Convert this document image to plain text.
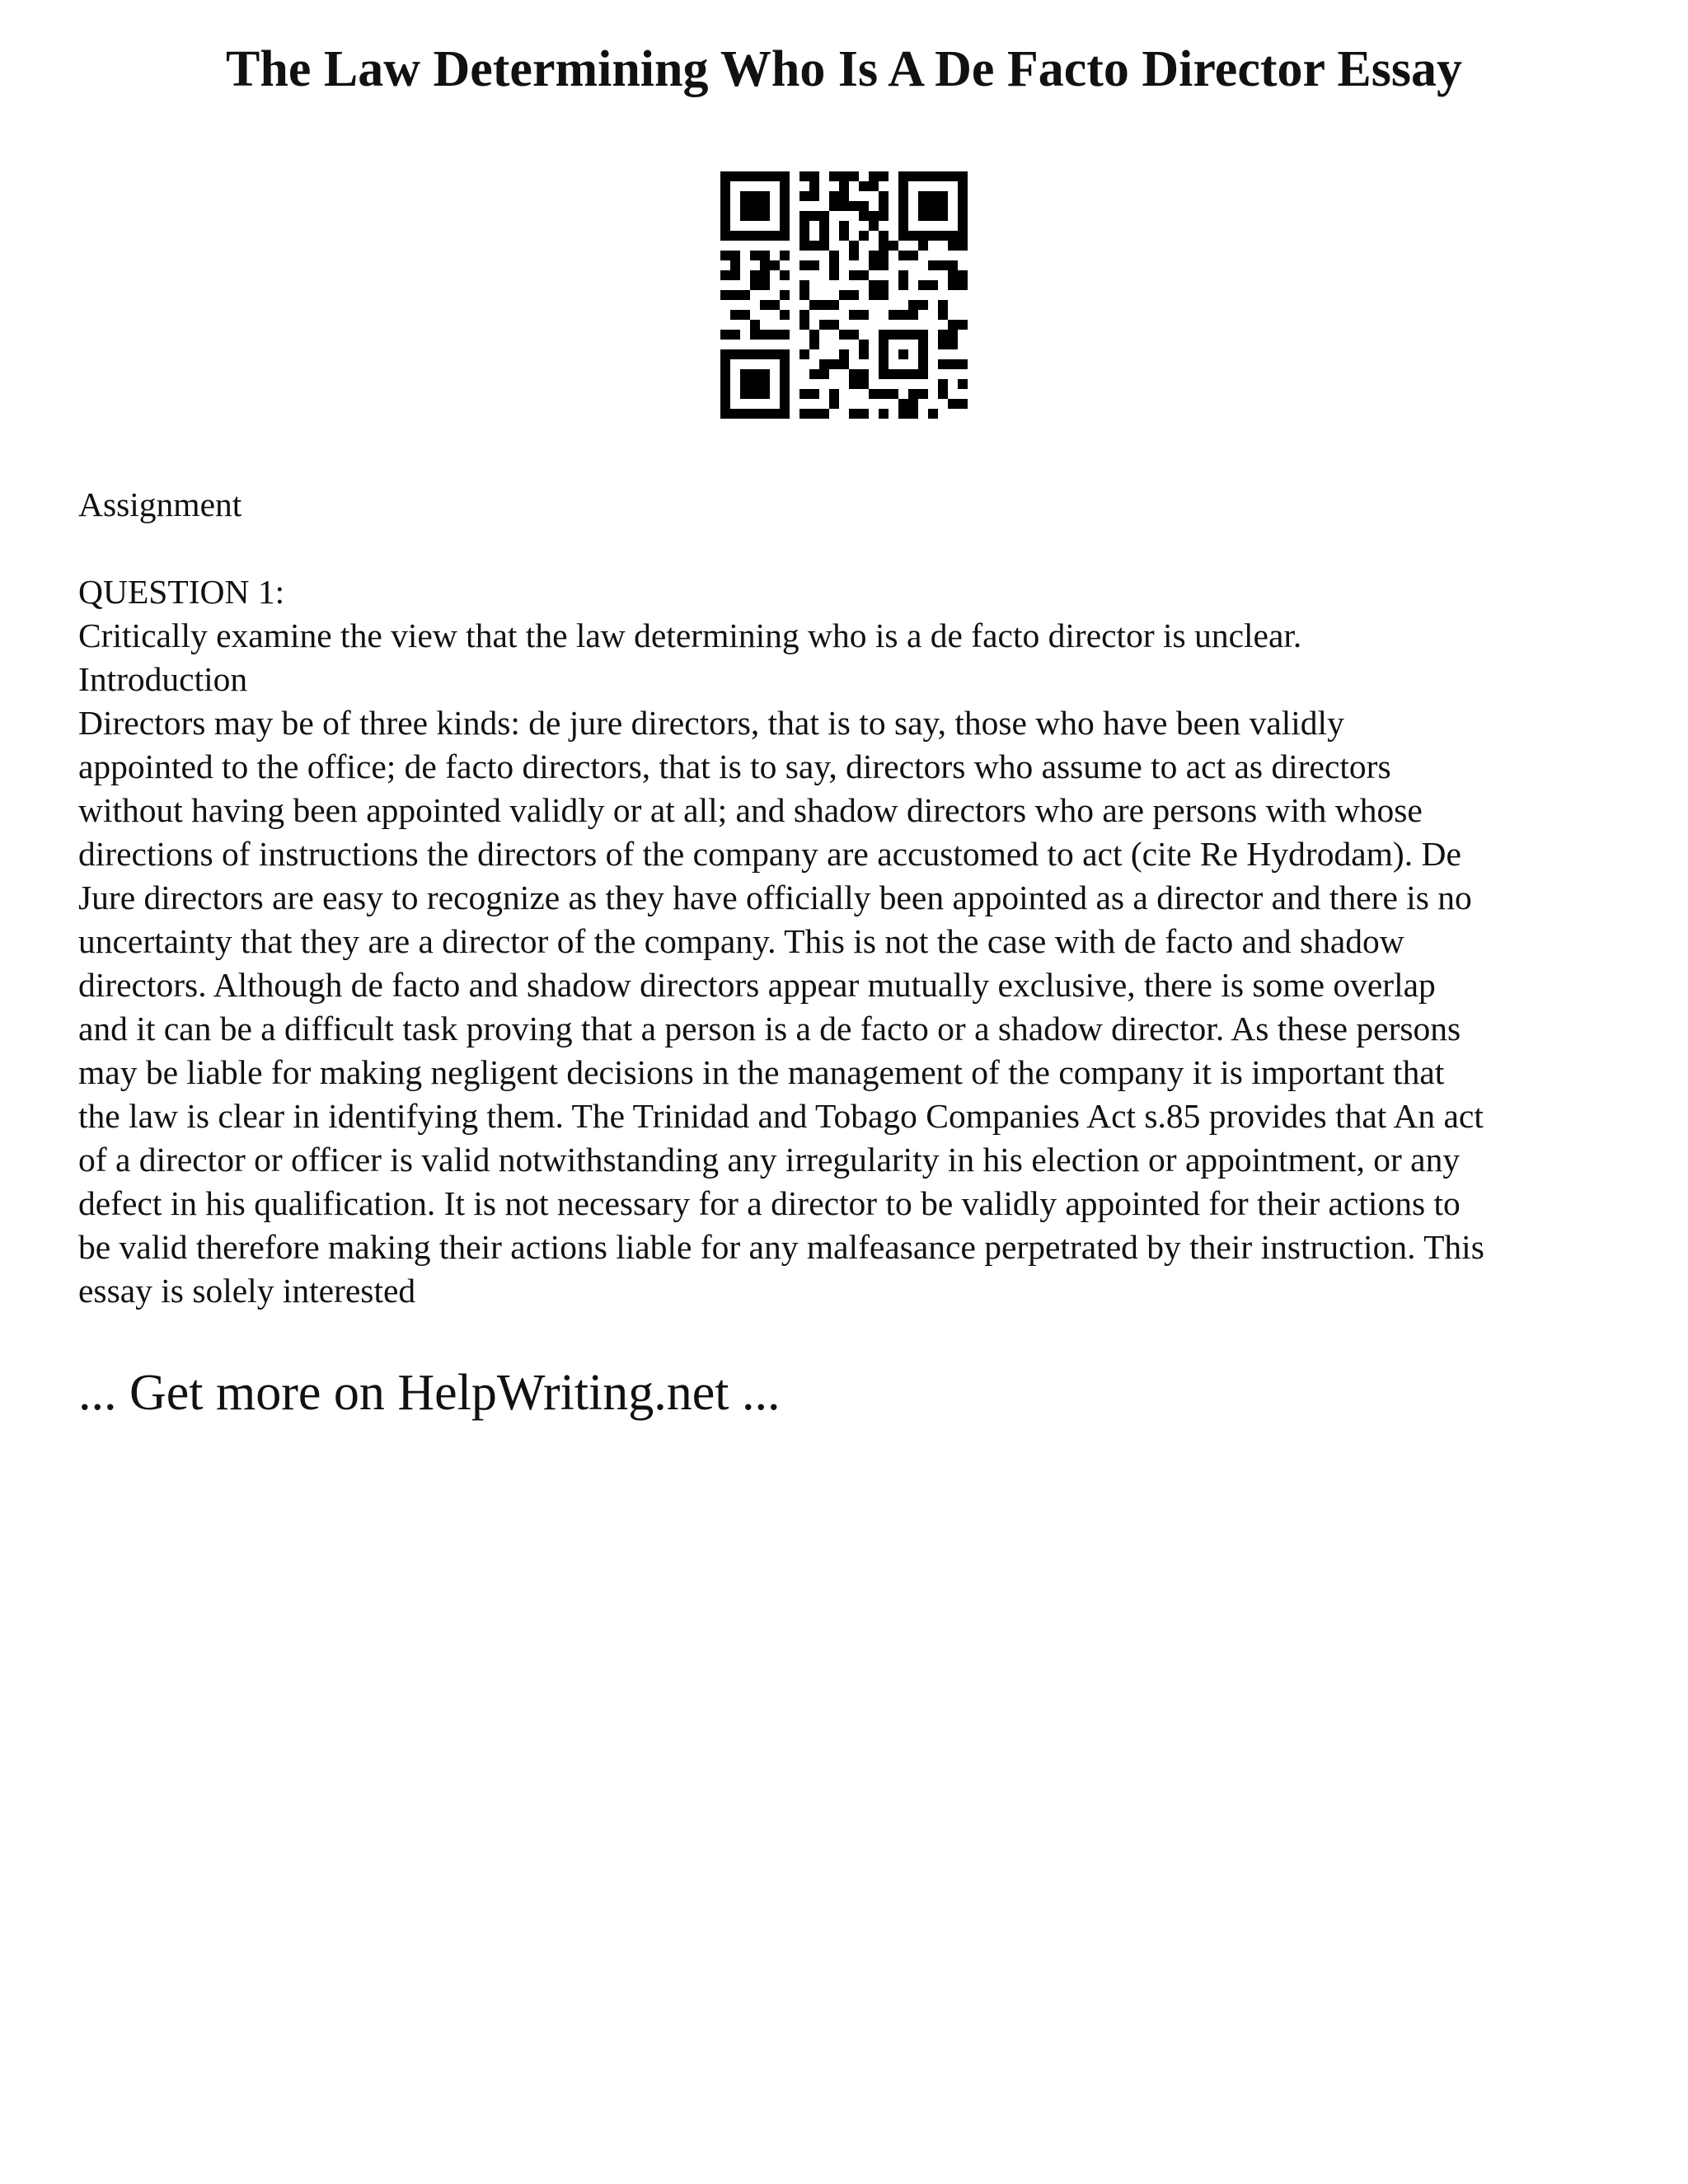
The Law Determining Who Is A De Facto Director Essay

Assignment

QUESTION 1:

Critically examine the view that the law determining who is a de facto director is unclear.

Introduction

Directors may be of three kinds: de jure directors, that is to say, those who have been validly
appointed to the office; de facto directors, that is to say, directors who assume to act as directors
without having been appointed validly or at all; and shadow directors who are persons with whose
directions of instructions the directors of the company are accustomed to act (cite Re Hydrodam). De
Jure directors are easy to recognize as they have officially been appointed as a director and there is no
uncertainty that they are a director of the company. This is not the case with de facto and shadow
directors. Although de facto and shadow directors appear mutually exclusive, there is some overlap
and it can be a difficult task proving that a person is a de facto or a shadow director. As these persons
may be liable for making negligent decisions in the management of the company it is important that
the law is clear in identifying them. The Trinidad and Tobago Companies Act s.85 provides that An act
of a director or officer is valid notwithstanding any irregularity in his election or appointment, or any
defect in his qualification. It is not necessary for a director to be validly appointed for their actions to
be valid therefore making their actions liable for any malfeasance perpetrated by their instruction. This
essay is solely interested

... Get more on HelpWriting.net ...
